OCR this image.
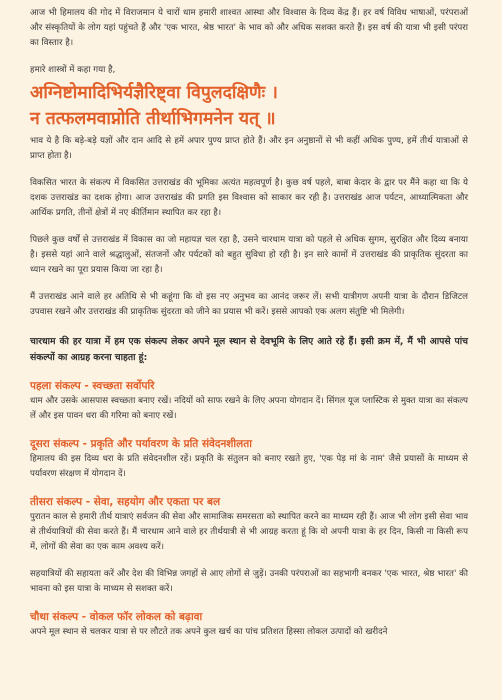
आज भी हिमालय की गोद में विराजमान ये चारों धाम हमारी शाश्वत आस्था और विश्वास के दिव्य केंद्र हैं। हर वर्ष विविध भाषाओं, परंपराओं और संस्कृतियों के लोग यहां पहुंचते हैं और 'एक भारत, श्रेष्ठ भारत' के भाव को और अधिक सशक्त करते हैं। इस वर्ष की यात्रा भी इसी परंपरा का विस्तार है।

हमारे शास्त्रों में कहा गया है,

अग्निष्टोमादिभिर्यज्ञैरिष्ट्वा विपुलदक्षिणैः ।
न तत्फलमवाप्नोति तीर्थाभिगमनेन यत् ॥

भाव ये है कि बड़े-बड़े यज्ञों और दान आदि से हमें अपार पुण्य प्राप्त होते हैं। और इन अनुष्ठानों से भी कहीं अधिक पुण्य, हमें तीर्थ यात्राओं से प्राप्त होता है।

विकसित भारत के संकल्प में विकसित उत्तराखंड की भूमिका अत्यंत महत्वपूर्ण है। कुछ वर्ष पहले, बाबा केदार के द्वार पर मैंने कहा था कि ये दशक उत्तराखंड का दशक होगा। आज उत्तराखंड की प्रगति इस विश्वास को साकार कर रही है। उत्तराखंड आज पर्यटन, आध्यात्मिकता और आर्थिक प्रगति, तीनों क्षेत्रों में नए कीर्तिमान स्थापित कर रहा है।

पिछले कुछ वर्षों से उत्तराखंड में विकास का जो महायज्ञ चल रहा है, उसने चारधाम यात्रा को पहले से अधिक सुगम, सुरक्षित और दिव्य बनाया है। इससे यहां आने वाले श्रद्धालुओं, संतजनों और पर्यटकों को बहुत सुविधा हो रही है। इन सारे कामों में उत्तराखंड की प्राकृतिक सुंदरता का ध्यान रखने का पूरा प्रयास किया जा रहा है।

मैं उत्तराखंड आने वाले हर अतिथि से भी कहूंगा कि वो इस नए अनुभव का आनंद जरूर लें। सभी यात्रीगण अपनी यात्रा के दौरान डिजिटल उपवास रखने और उत्तराखंड की प्राकृतिक सुंदरता को जीने का प्रयास भी करें। इससे आपको एक अलग संतुष्टि भी मिलेगी।

चारधाम की हर यात्रा में हम एक संकल्प लेकर अपने मूल स्थान से देवभूमि के लिए आते रहे हैं। इसी क्रम में, मैं भी आपसे पांच संकल्पों का आग्रह करना चाहता हूं:

पहला संकल्प - स्वच्छता सर्वोपरि

धाम और उसके आसपास स्वच्छता बनाए रखें। नदियों को साफ रखने के लिए अपना योगदान दें। सिंगल यूज प्लास्टिक से मुक्त यात्रा का संकल्प लें और इस पावन धरा की गरिमा को बनाए रखें।

दूसरा संकल्प - प्रकृति और पर्यावरण के प्रति संवेदनशीलता

हिमालय की इस दिव्य धरा के प्रति संवेदनशील रहें। प्रकृति के संतुलन को बनाए रखते हुए, 'एक पेड़ मां के नाम' जैसे प्रयासों के माध्यम से पर्यावरण संरक्षण में योगदान दें।

तीसरा संकल्प - सेवा, सहयोग और एकता पर बल

पुरातन काल से हमारी तीर्थ यात्राएं सर्वजन की सेवा और सामाजिक समरसता को स्थापित करने का माध्यम रही हैं। आज भी लोग इसी सेवा भाव से तीर्थयात्रियों की सेवा करते हैं। मैं चारधाम आने वाले हर तीर्थयात्री से भी आग्रह करता हूं कि वो अपनी यात्रा के हर दिन, किसी ना किसी रूप में, लोगों की सेवा का एक काम अवश्य करें।

सहयात्रियों की सहायता करें और देश की विभिन्न जगहों से आए लोगों से जुड़ें। उनकी परंपराओं का सहभागी बनकर 'एक भारत, श्रेष्ठ भारत' की भावना को इस यात्रा के माध्यम से सशक्त करें।

चौथा संकल्प - वोकल फॉर लोकल को बढ़ावा

अपने मूल स्थान से चलकर यात्रा से पर लौटते तक अपने कुल खर्च का पांच प्रतिशत हिस्सा लोकल उत्पादों को खरीदने
